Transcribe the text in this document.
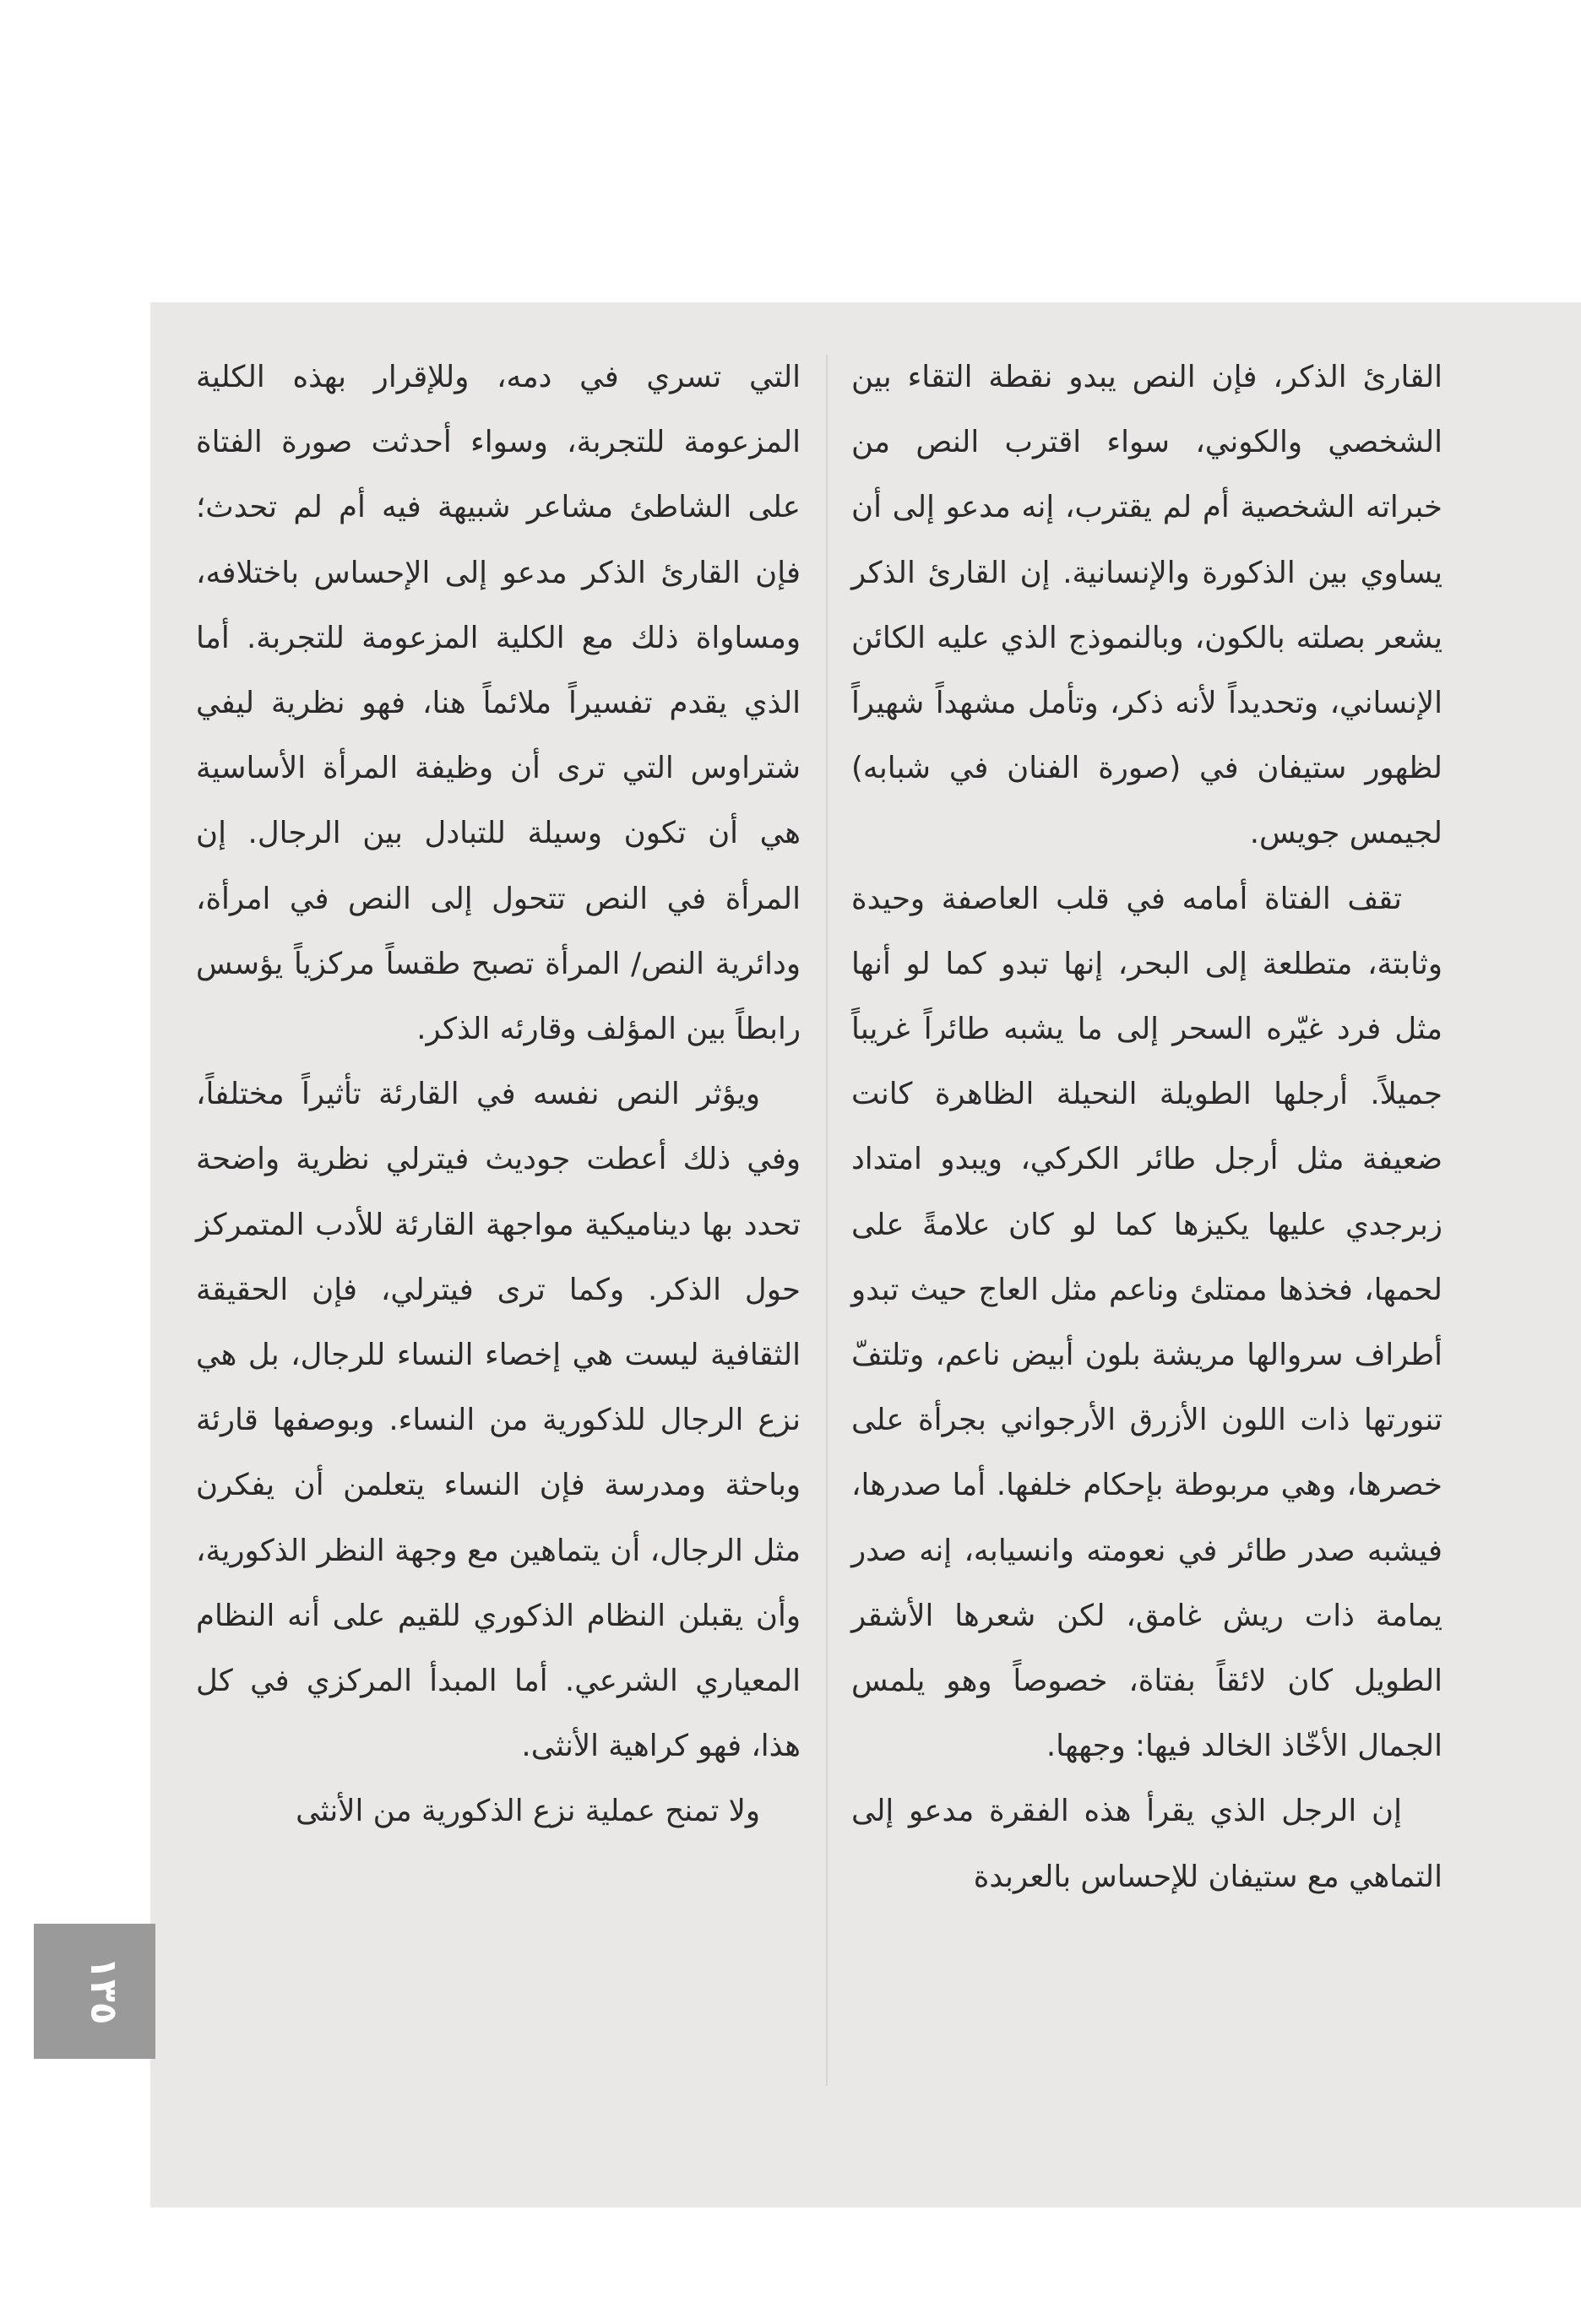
القارئ الذكر، فإن النص يبدو نقطة التقاء بين الشخصي والكوني، سواء اقترب النص من خبراته الشخصية أم لم يقترب، إنه مدعو إلى أن يساوي بين الذكورة والإنسانية. إن القارئ الذكر يشعر بصلته بالكون، وبالنموذج الذي عليه الكائن الإنساني، وتحديداً لأنه ذكر، وتأمل مشهداً شهيراً لظهور ستيفان في (صورة الفنان في شبابه) لجيمس جويس.

تقف الفتاة أمامه في قلب العاصفة وحيدة وثابتة، متطلعة إلى البحر، إنها تبدو كما لو أنها مثل فرد غيّره السحر إلى ما يشبه طائراً غريباً جميلاً. أرجلها الطويلة النحيلة الظاهرة كانت ضعيفة مثل أرجل طائر الكركي، ويبدو امتداد زبرجدي عليها يكيزها كما لو كان علامةً على لحمها، فخذها ممتلئ وناعم مثل العاج حيث تبدو أطراف سروالها مريشة بلون أبيض ناعم، وتلتفّ تنورتها ذات اللون الأزرق الأرجواني بجرأة على خصرها، وهي مربوطة بإحكام خلفها. أما صدرها، فيشبه صدر طائر في نعومته وانسيابه، إنه صدر يمامة ذات ريش غامق، لكن شعرها الأشقر الطويل كان لائقاً بفتاة، خصوصاً وهو يلمس الجمال الأخّاذ الخالد فيها: وجهها.

إن الرجل الذي يقرأ هذه الفقرة مدعو إلى التماهي مع ستيفان للإحساس بالعربدة

التي تسري في دمه، وللإقرار بهذه الكلية المزعومة للتجربة، وسواء أحدثت صورة الفتاة على الشاطئ مشاعر شبيهة فيه أم لم تحدث؛ فإن القارئ الذكر مدعو إلى الإحساس باختلافه، ومساواة ذلك مع الكلية المزعومة للتجربة. أما الذي يقدم تفسيراً ملائماً هنا، فهو نظرية ليفي شتراوس التي ترى أن وظيفة المرأة الأساسية هي أن تكون وسيلة للتبادل بين الرجال. إن المرأة في النص تتحول إلى النص في امرأة، ودائرية النص/ المرأة تصبح طقساً مركزياً يؤسس رابطاً بين المؤلف وقارئه الذكر.

ويؤثر النص نفسه في القارئة تأثيراً مختلفاً، وفي ذلك أعطت جوديث فيترلي نظرية واضحة تحدد بها ديناميكية مواجهة القارئة للأدب المتمركز حول الذكر. وكما ترى فيترلي، فإن الحقيقة الثقافية ليست هي إخصاء النساء للرجال، بل هي نزع الرجال للذكورية من النساء. وبوصفها قارئة وباحثة ومدرسة فإن النساء يتعلمن أن يفكرن مثل الرجال، أن يتماهين مع وجهة النظر الذكورية، وأن يقبلن النظام الذكوري للقيم على أنه النظام المعياري الشرعي. أما المبدأ المركزي في كل هذا، فهو كراهية الأنثى.

ولا تمنح عملية نزع الذكورية من الأنثى

١٣٥
